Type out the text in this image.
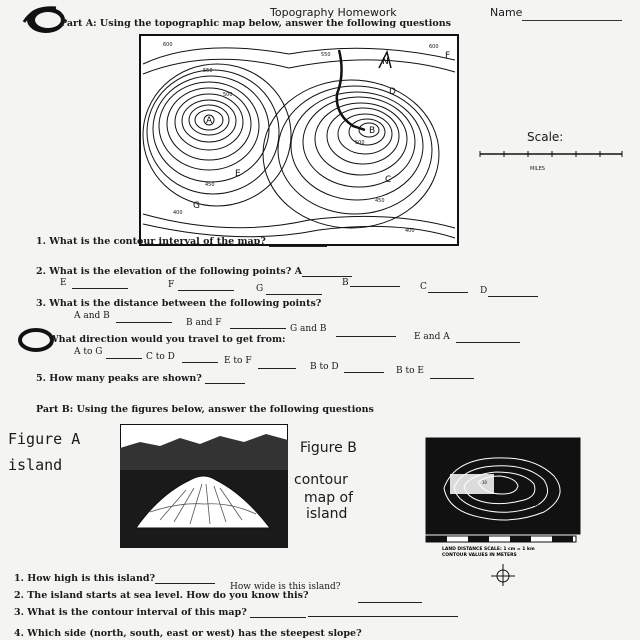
Topography Homework	Name
Part A: Using the topographic map below, answer the following questions
A
B
C
D
E
F
G
N
600
550
500
450
400
400
450
500
550
600
Scale:
MILES
1. What is the contour interval of the map?
2. What is the elevation of the following points? A
B	C	D
E	F	G
3. What is the distance between the following points?
A and B
B and F
G and B
E and A
What direction would you travel to get from:
A to G	C to D	E to F
B to D	B to E
5. How many peaks are shown?
Part B: Using the figures below, answer the following questions
Figure A
island
Figure B
contour
map of
island
30
20
10
0	1	2	3	4	5	6	7
LAND DISTANCE SCALE: 1 cm = 1 km
CONTOUR VALUES IN METERS
1. How high is this island?
How wide is this island?
2. The island starts at sea level. How do you know this?
3. What is the contour interval of this map?
4. Which side (north, south, east or west) has the steepest slope?
